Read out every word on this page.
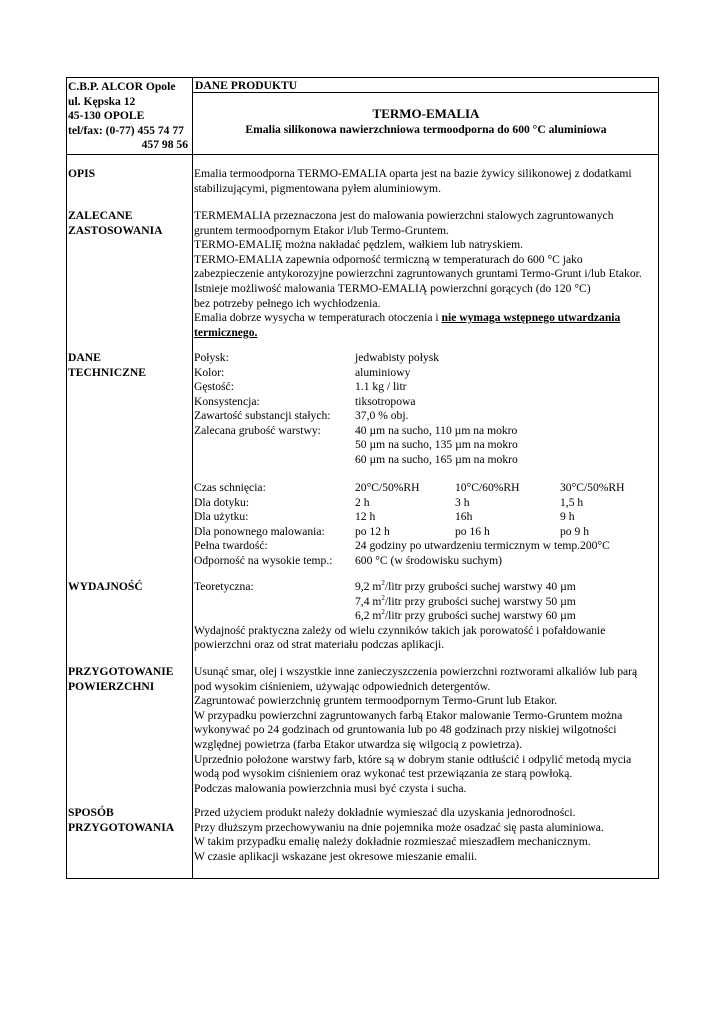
C.B.P. ALCOR Opole
ul. Kępska 12
45-130 OPOLE
tel/fax: (0-77) 455 74 77
457 98 56
DANE PRODUKTU
TERMO-EMALIA
Emalia silikonowa nawierzchniowa termoodporna do 600 °C aluminiowa
OPIS	Emalia termoodporna TERMO-EMALIA oparta jest na bazie żywicy silikonowej z dodatkami
stabilizującymi, pigmentowana pyłem aluminiowym.
ZALECANE
ZASTOSOWANIA
TERMEMALIA przeznaczona jest do malowania powierzchni stalowych zagruntowanych
gruntem termoodpornym Etakor i/lub Termo-Gruntem.
TERMO-EMALIĘ można nakładać pędzlem, wałkiem lub natryskiem.
TERMO-EMALIA zapewnia odporność termiczną w temperaturach do 600 °C jako
zabezpieczenie antykorozyjne powierzchni zagruntowanych gruntami Termo-Grunt i/lub Etakor.
Istnieje możliwość malowania TERMO-EMALIĄ powierzchni gorących (do 120 °C)
bez potrzeby pełnego ich wychłodzenia.
Emalia dobrze wysycha w temperaturach otoczenia i nie wymaga wstępnego utwardzania
termicznego.
DANE
TECHNICZNE
Połysk:	jedwabisty połysk
Kolor:	aluminiowy
Gęstość:	1.1 kg / litr
Konsystencja:	tiksotropowa
Zawartość substancji stałych: 37,0 % obj.
Zalecana grubość warstwy:	40 µm na sucho, 110 µm na mokro
50 µm na sucho, 135 µm na mokro
60 µm na sucho, 165 µm na mokro
Czas schnięcia:	20°C/50%RH	10°C/60%RH	30°C/50%RH
Dla dotyku:	2 h	3 h	1,5 h
Dla użytku:	12 h	16h	9 h
Dla ponownego malowania:	po 12 h	po 16 h	po 9 h
Pełna twardość:	24 godziny po utwardzeniu termicznym w temp.200°C
Odporność na wysokie temp.: 600 °C (w środowisku suchym)
WYDAJNOŚĆ	Teoretyczna:	9,2 $m^2$/litr przy grubości suchej warstwy 40 µm
7,4 $m^2$/litr przy grubości suchej warstwy 50 µm
6,2 $m^2$/litr przy grubości suchej warstwy 60 µm
Wydajność praktyczna zależy od wielu czynników takich jak porowatość i pofałdowanie
powierzchni oraz od strat materiału podczas aplikacji.
PRZYGOTOWANIE
POWIERZCHNI
Usunąć smar, olej i wszystkie inne zanieczyszczenia powierzchni roztworami alkaliów lub parą
pod wysokim ciśnieniem, używając odpowiednich detergentów.
Zagruntować powierzchnię gruntem termoodpornym Termo-Grunt lub Etakor.
W przypadku powierzchni zagruntowanych farbą Etakor malowanie Termo-Gruntem można
wykonywać po 24 godzinach od gruntowania lub po 48 godzinach przy niskiej wilgotności
względnej powietrza (farba Etakor utwardza się wilgocią z powietrza).
Uprzednio położone warstwy farb, które są w dobrym stanie odtłuścić i odpylić metodą mycia
wodą pod wysokim ciśnieniem oraz wykonać test przewiązania ze starą powłoką.
Podczas malowania powierzchnia musi być czysta i sucha.
SPOSÓB
PRZYGOTOWANIA
Przed użyciem produkt należy dokładnie wymieszać dla uzyskania jednorodności.
Przy dłuższym przechowywaniu na dnie pojemnika może osadzać się pasta aluminiowa.
W takim przypadku emalię należy dokładnie rozmieszać mieszadłem mechanicznym.
W czasie aplikacji wskazane jest okresowe mieszanie emalii.
